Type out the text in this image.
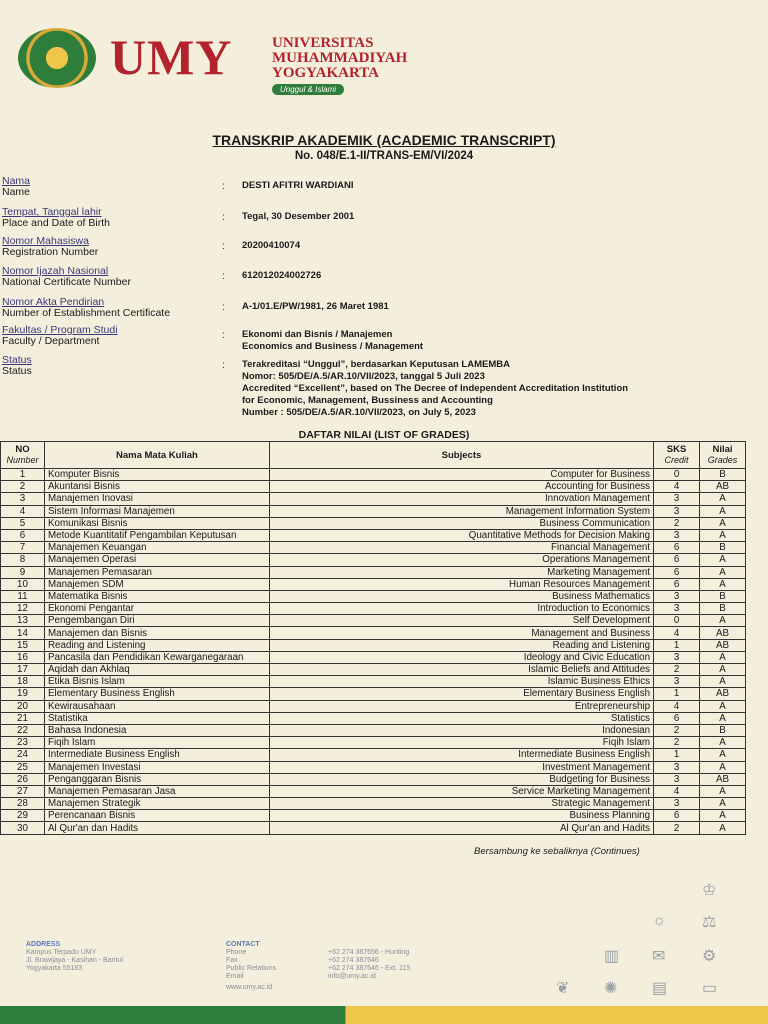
UMY	UNIVERSITAS
MUHAMMADIYAH
YOGYAKARTA
Unggul & Islami
TRANSKRIP AKADEMIK (ACADEMIC TRANSCRIPT)
No. 048/E.1-II/TRANS-EM/VI/2024
Nama
Name	: DESTI AFITRI WARDIANI
Tempat, Tanggal lahir
Place and Date of Birth	: Tegal, 30 Desember 2001
Nomor Mahasiswa
Registration Number	: 20200410074
Nomor Ijazah Nasional
National Certificate Number	: 612012024002726
Nomor Akta Pendirian
Number of Establishment Certificate	: A-1/01.E/PW/1981, 26 Maret 1981
Fakultas / Program Studi
Faculty / Department	: Ekonomi dan Bisnis / Manajemen
Economics and Business / Management
Status
Status	: Terakreditasi “Unggul”, berdasarkan Keputusan LAMEMBA
Nomor: 505/DE/A.5/AR.10/VII/2023, tanggal 5 Juli 2023
Accredited “Excellent”, based on The Decree of Independent Accreditation Institution
for Economic, Management, Bussiness and Accounting
Number : 505/DE/A.5/AR.10/VII/2023, on July 5, 2023
DAFTAR NILAI (LIST OF GRADES)
NO
Number	Nama Mata Kuliah	Subjects	SKS
Credit	Nilai
Grades
1	Komputer Bisnis	Computer for Business	0	B
2	Akuntansi Bisnis	Accounting for Business	4	AB
3	Manajemen Inovasi	Innovation Management	3	A
4	Sistem Informasi Manajemen	Management Information System	3	A
5	Komunikasi Bisnis	Business Communication	2	A
6	Metode Kuantitatif Pengambilan Keputusan	Quantitative Methods for Decision Making	3	A
7	Manajemen Keuangan	Financial Management	6	B
8	Manajemen Operasi	Operations Management	6	A
9	Manajemen Pemasaran	Marketing Management	6	A
10	Manajemen SDM	Human Resources Management	6	A
11	Matematika Bisnis	Business Mathematics	3	B
12	Ekonomi Pengantar	Introduction to Economics	3	B
13	Pengembangan Diri	Self Development	0	A
14	Manajemen dan Bisnis	Management and Business	4	AB
15	Reading and Listening	Reading and Listening	1	AB
16	Pancasila dan Pendidikan Kewarganegaraan	Ideology and Civic Education	3	A
17	Aqidah dan Akhlaq	Islamic Beliefs and Attitudes	2	A
18	Etika Bisnis Islam	Islamic Business Ethics	3	A
19	Elementary Business English	Elementary Business English	1	AB
20	Kewirausahaan	Entrepreneurship	4	A
21	Statistika	Statistics	6	A
22	Bahasa Indonesia	Indonesian	2	B
23	Fiqih Islam	Fiqih Islam	2	A
24	Intermediate Business English	Intermediate Business English	1	A
25	Manajemen Investasi	Investment Management	3	A
26	Penganggaran Bisnis	Budgeting for Business	3	AB
27	Manajemen Pemasaran Jasa	Service Marketing Management	4	A
28	Manajemen Strategik	Strategic Management	3	A
29	Perencanaan Bisnis	Business Planning	6	A
30	Al Qur'an dan Hadits	Al Qur'an and Hadits	2	A
Bersambung ke sebaliknya (Continues)
ADDRESS
Kampus Terpadu UMY
Jl. Brawijaya - Kasihan - Bantul
Yogyakarta 55183
CONTACT
Phone
Fax
Public Relations
Email
www.umy.ac.id
+62 274 387656 - Hunting
+62 274 387646
+62 274 387646 - Ext. 115
info@umy.ac.id
♔
☼ ⚖
▥ ✉ ⚙
❦ ✺ ▤ ▭
